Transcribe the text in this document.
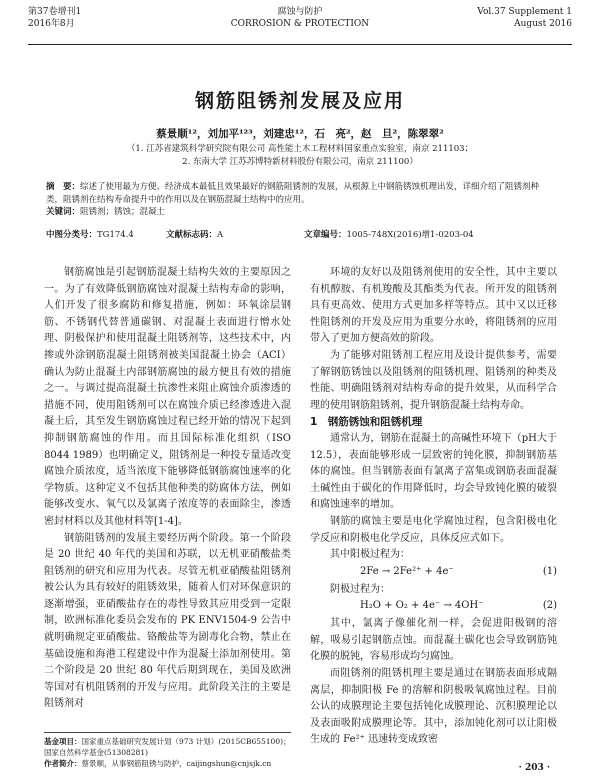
第37卷增刊1
2016年8月
腐蚀与防护
CORROSION & PROTECTION
Vol.37 Supplement 1
August 2016
钢筋阻锈剂发展及应用
蔡景顺¹²，刘加平¹²³，刘建忠¹²，石　亮²，赵　旦²，陈翠翠²
（1. 江苏省建筑科学研究院有限公司 高性能土木工程材料国家重点实验室，南京 211103；
2. 东南大学 江苏苏博特新材料股份有限公司，南京 211100）
摘　要：综述了使用最为方便、经济成本最低且效果最好的钢筋阻锈剂的发展，从根源上中钢筋锈蚀机理出发，详细介绍了阻锈剂种类，阻锈剂在结构寿命提升中的作用以及在钢筋混凝土结构中的应用。
关键词：阻锈剂；锈蚀；混凝土
中图分类号：TG174.4	文献标志码：A	文章编号：1005-748X(2016)增1-0203-04

钢筋腐蚀是引起钢筋混凝土结构失效的主要原因之一。为了有效降低钢筋腐蚀对混凝土结构寿命的影响，人们开发了很多腐防和修复措施，例如：环氧涂层钢筋、不锈钢代替普通碳钢、对混凝土表面进行憎水处理、阴极保护和使用混凝土阻锈剂等，这些技术中，内掺或外涂钢筋混凝土阻锈剂被美国混凝土协会（ACI）确认为防止混凝土内部钢筋腐蚀的最方便且有效的措施之一。与调过提高混凝土抗渗性来阻止腐蚀介质渗透的措施不同，使用阻锈剂可以在腐蚀介质已经渗透进入混凝土后，其至发生钢筋腐蚀过程已经开始的情况下起到抑制钢筋腐蚀的作用。而且国际标准化组织（ISO 8044 1989）也明确定义，阻锈剂是一种投专量适改变腐蚀介质浓度，适当浓度下能够降低钢筋腐蚀速率的化学物质。这种定义不包括其他种类的防腐体方法，例如能够改变水、氧气以及氯离子浓度等的表面除尘，渗透密封材料以及其他材料等[1-4]。

钢筋阻锈剂的发展主要经历两个阶段。第一个阶段是 20 世纪 40 年代的美国和苏联，以无机亚硝酸盐类阻锈剂的研究和应用为代表。尽管无机亚硝酸盐阻锈剂被公认为具有较好的阻锈效果，随着人们对环保意识的逐渐增强，亚硝酸盐存在的毒性导致其应用受到一定限制，欧洲标准化委员会发布的 PK ENV1504-9 公告中就明确规定亚硝酸盐、铬酸盐等为剧毒化合物，禁止在基础设施和海港工程建设中作为混凝土添加剂使用。第二个阶段是 20 世纪 80 年代后期到现在，美国及欧洲等国对有机阻锈剂的开发与应用。此阶段关注的主要是阻锈剂对

环境的友好以及阻锈剂使用的安全性，其中主要以有机醇胺、有机羧酸及其酯类为代表。所开发的阻锈剂具有更高效、使用方式更加多样等特点。其中又以迁移性阻锈剂的开发及应用为重要分水岭，将阻锈剂的应用带入了更加方便高效的阶段。

为了能够对阻锈剂工程应用及设计提供参考，需要了解钢筋锈蚀以及阻锈剂的阻锈机理、阻锈剂的种类及性能、明确阻锈剂对结构寿命的提升效果，从而科学合理的使用钢筋阻锈剂，提升钢筋混凝土结构寿命。

1　钢筋锈蚀和阻锈机理

通常认为，钢筋在混凝土的高碱性环境下（pH大于 12.5），表面能够形成一层致密的钝化膜，抑制钢筋基体的腐蚀。但当钢筋表面有氯离子富集或钢筋表面混凝土碱性由于碳化的作用降低时，均会导致钝化膜的破裂和腐蚀速率的增加。

钢筋的腐蚀主要是电化学腐蚀过程，包含阳极电化学反应和阴极电化学反应，具体反应式如下。

其中阳极过程为：

2Fe → 2Fe²⁺ + 4e⁻	(1)

阴极过程为：

H₂O + O₂ + 4e⁻ → 4OH⁻	(2)

其中，氯离子像催化剂一样，会促进阳极钢的溶解，吸易引起钢筋点蚀。而混凝土碳化也会导致钢筋钝化膜的脱钝，容易形成均匀腐蚀。

而阻锈剂的阻锈机理主要是通过在钢筋表面形成隔离层，抑制阳极 Fe 的溶解和阴极吸氧腐蚀过程。目前公认的成膜理论主要包括钝化成膜理论、沉积膜理论以及表面吸附成膜理论等。其中，添加钝化剂可以让阳极生成的 Fe²⁺ 迅速转变成致密

基金项目：国家重点基础研究发展计划（973 计划）(2015CB655100)；国家自然科学基金(51308281)
作者简介：蔡景顺，从事钢筋阻锈与防护，caijingshun@cnjsjk.cn	· 203 ·
